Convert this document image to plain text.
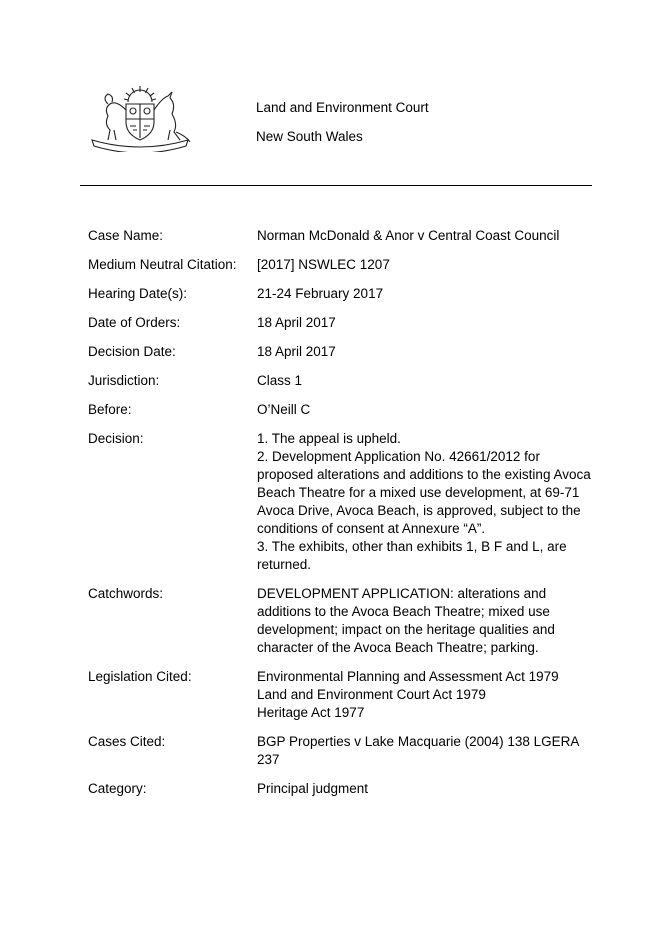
Land and Environment Court
New South Wales
Case Name:	Norman McDonald & Anor v Central Coast Council
Medium Neutral Citation:	[2017] NSWLEC 1207
Hearing Date(s):	21-24 February 2017
Date of Orders:	18 April 2017
Decision Date:	18 April 2017
Jurisdiction:	Class 1
Before:	O’Neill C
Decision:	1. The appeal is upheld.
2. Development Application No. 42661/2012 for proposed alterations and additions to the existing Avoca Beach Theatre for a mixed use development, at 69-71 Avoca Drive, Avoca Beach, is approved, subject to the conditions of consent at Annexure “A”.
3. The exhibits, other than exhibits 1, B F and L, are returned.
Catchwords:	DEVELOPMENT APPLICATION: alterations and additions to the Avoca Beach Theatre; mixed use development; impact on the heritage qualities and character of the Avoca Beach Theatre; parking.
Legislation Cited:	Environmental Planning and Assessment Act 1979
Land and Environment Court Act 1979
Heritage Act 1977
Cases Cited:	BGP Properties v Lake Macquarie (2004) 138 LGERA 237
Category:	Principal judgment
